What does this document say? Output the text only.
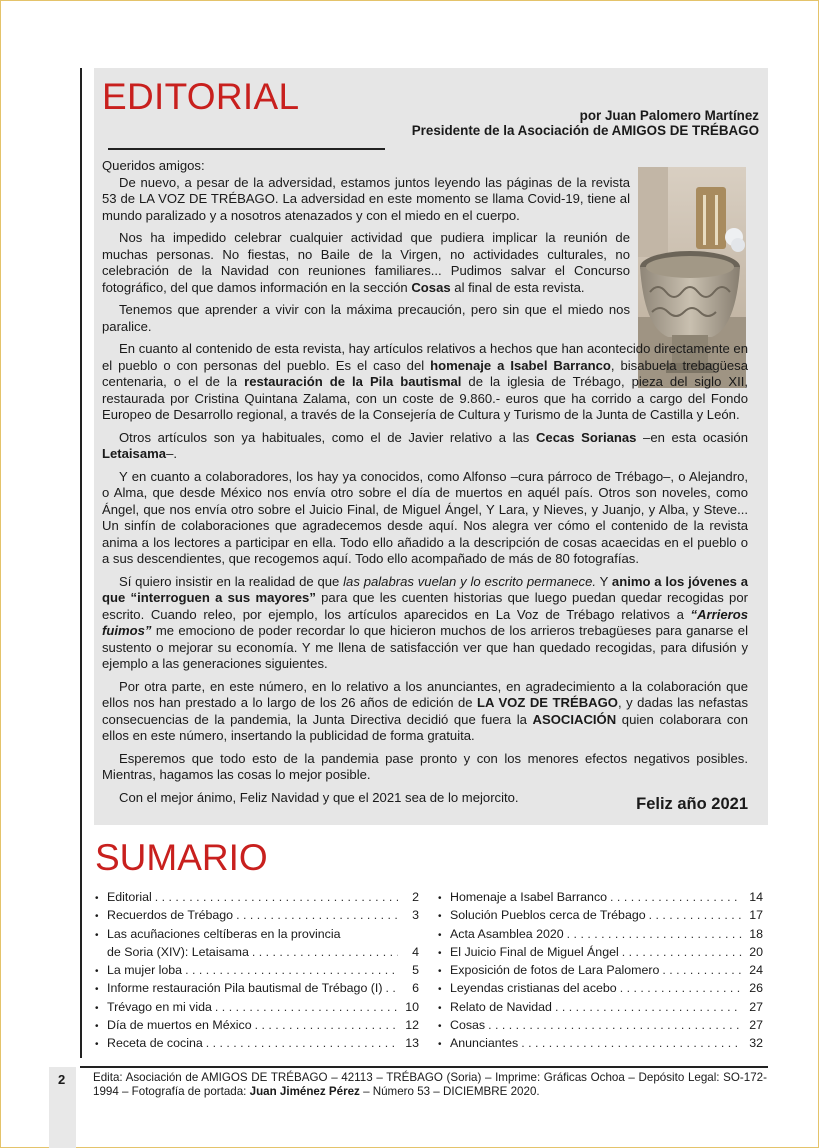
2
EDITORIAL	por Juan Palomero Martínez
Presidente de la Asociación de AMIGOS DE TRÉBAGO

Queridos amigos:

De nuevo, a pesar de la adversidad, estamos juntos leyendo las páginas de la revista 53 de LA VOZ DE TRÉBAGO. La adversidad en este momento se llama Covid-19, tiene al mundo paralizado y a nosotros atenazados y con el miedo en el cuerpo.

Nos ha impedido celebrar cualquier actividad que pudiera implicar la reunión de muchas personas. No fiestas, no Baile de la Virgen, no actividades culturales, no celebración de la Navidad con reuniones familiares... Pudimos salvar el Concurso fotográfico, del que damos información en la sección Cosas al final de esta revista.

Tenemos que aprender a vivir con la máxima precaución, pero sin que el miedo nos paralice.

En cuanto al contenido de esta revista, hay artículos relativos a hechos que han acontecido directamente en el pueblo o con personas del pueblo. Es el caso del homenaje a Isabel Barranco, bisabuela trebagüesa centenaria, o el de la restauración de la Pila bautismal de la iglesia de Trébago, pieza del siglo XII, restaurada por Cristina Quintana Zalama, con un coste de 9.860.- euros que ha corrido a cargo del Fondo Europeo de Desarrollo regional, a través de la Consejería de Cultura y Turismo de la Junta de Castilla y León.

Otros artículos son ya habituales, como el de Javier relativo a las Cecas Sorianas –en esta ocasión Letaisama–.

Y en cuanto a colaboradores, los hay ya conocidos, como Alfonso –cura párroco de Trébago–, o Alejandro, o Alma, que desde México nos envía otro sobre el día de muertos en aquél país. Otros son noveles, como Ángel, que nos envía otro sobre el Juicio Final, de Miguel Ángel, Y Lara, y Nieves, y Juanjo, y Alba, y Steve... Un sinfín de colaboraciones que agradecemos desde aquí. Nos alegra ver cómo el contenido de la revista anima a los lectores a participar en ella. Todo ello añadido a la descripción de cosas acaecidas en el pueblo o a sus descendientes, que recogemos aquí. Todo ello acompañado de más de 80 fotografías.

Sí quiero insistir en la realidad de que las palabras vuelan y lo escrito permanece. Y animo a los jóvenes a que “interroguen a sus mayores” para que les cuenten historias que luego puedan quedar recogidas por escrito. Cuando releo, por ejemplo, los artículos aparecidos en La Voz de Trébago relativos a “Arrieros fuimos” me emociono de poder recordar lo que hicieron muchos de los arrieros trebagüeses para ganarse el sustento o mejorar su economía. Y me llena de satisfacción ver que han quedado recogidas, para difusión y ejemplo a las generaciones siguientes.

Por otra parte, en este número, en lo relativo a los anunciantes, en agradecimiento a la colaboración que ellos nos han prestado a lo largo de los 26 años de edición de LA VOZ DE TRÉBAGO, y dadas las nefastas consecuencias de la pandemia, la Junta Directiva decidió que fuera la ASOCIACIÓN quien colaborara con ellos en este número, insertando la publicidad de forma gratuita.

Esperemos que todo esto de la pandemia pase pronto y con los menores efectos negativos posibles. Mientras, hagamos las cosas lo mejor posible.

Con el mejor ánimo, Feliz Navidad y que el 2021 sea de lo mejorcito.	Feliz año 2021
SUMARIO
• Editorial . . .	2
• Recuerdos de Trébago . . .	3
• Las acuñaciones celtíberas en la provincia
de Soria (XIV): Letaisama . . .	4
• La mujer loba . . .	5
• Informe restauración Pila bautismal de Trébago (I) . . .	6
• Trévago en mi vida . . .	10
• Día de muertos en México . . .	12
• Receta de cocina . . .	13
• Homenaje a Isabel Barranco . . .	14
• Solución Pueblos cerca de Trébago . . .	17
• Acta Asamblea 2020 . . .	18
• El Juicio Final de Miguel Ángel . . .	20
• Exposición de fotos de Lara Palomero . . .	24
• Leyendas cristianas del acebo . . .	26
• Relato de Navidad . . .	27
• Cosas . . .	27
• Anunciantes . . .	32
Edita: Asociación de AMIGOS DE TRÉBAGO – 42113 – TRÉBAGO (Soria) – Imprime: Gráficas Ochoa – Depósito Legal: SO-172-1994 – Fotografía de portada: Juan Jiménez Pérez – Número 53 – DICIEMBRE 2020.
